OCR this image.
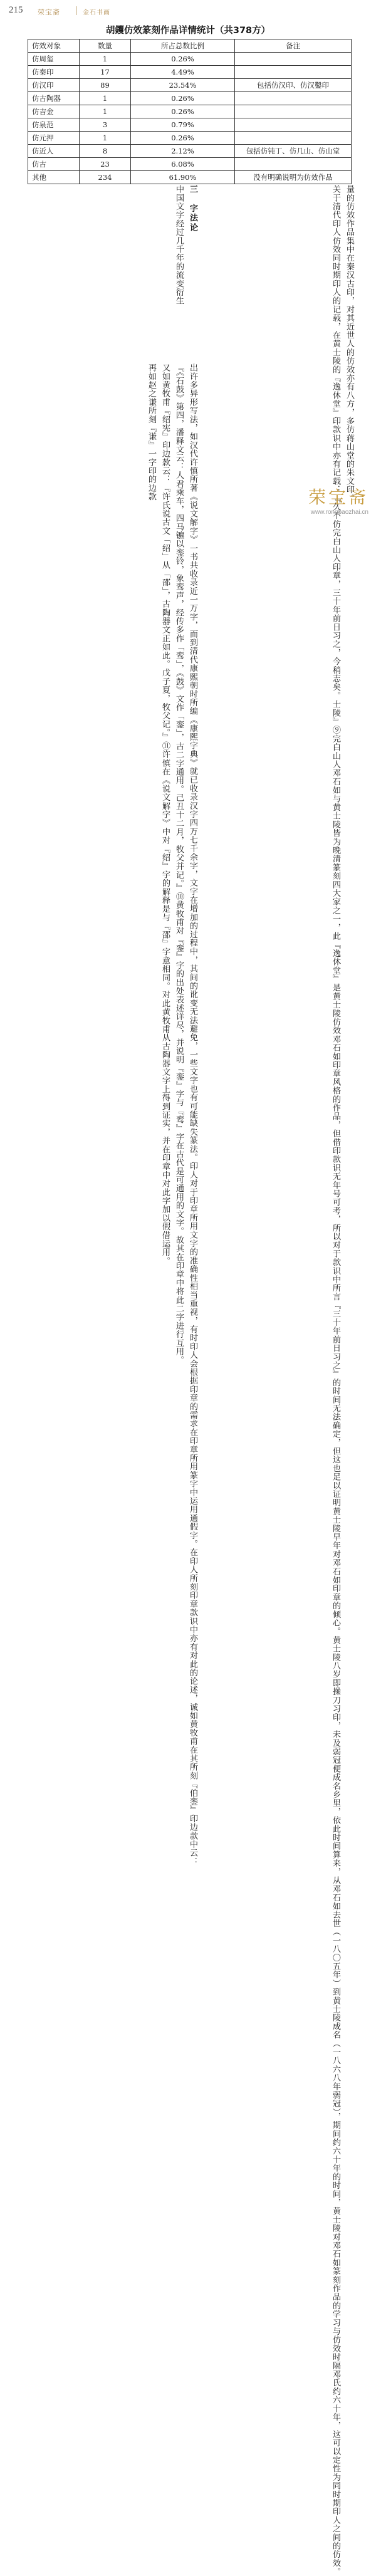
215 荣宝斋	金石书画
胡钁仿效篆刻作品详情统计（共378方）
仿效对象	数量	所占总数比例	备注
仿周玺	1	0.26%	
仿秦印	17	4.49%	
仿汉印	89	23.54%	包括仿汉印、仿汉鑿印
仿古陶器	1	0.26%	
仿吉金	1	0.26%	
仿泉范	3	0.79%	
仿元押	1	0.26%	
仿近人	8	2.12%	包括仿钝丁、仿几山、仿山堂
仿古	23	6.08%	
其他	234	61.90%	没有明确说明为仿效作品

量的仿效作品集中在秦汉古印，对其近世人的仿效亦有八方，多仿蒋山堂的朱文印。

关于清代印人仿效同时期印人的记载，在黄士陵的『逸休堂』印款识中亦有记载：『久不仿完白山人印章，三十年前日习之，今稍志矣。士陵』⑨完白山人邓石如与黄士陵皆为晚清篆刻四大家之一，此『逸休堂』是黄士陵仿效邓石如印章风格的作品，但借印款识无年号可考，所以对于款识中所言『三十年前日习之』的时间无法确定，但这也足以证明黄士陵早年对邓石如印章的倾心。黄士陵八岁即操刀习印，未及弱冠便成名乡里，依此时间算来，从邓石如去世（一八〇五年）到黄士陵成名（一八六八年弱冠），期间约六十年的时间，黄士陵对邓石如篆刻作品的学习与仿效时隔邓氏约六十年，这可以定性为同时期印人之间的仿效。

三　字法论

中国文字经过几千年的流变衍生

出许多异形写法，如汉代许慎所著《说文解字》一书共收录近一万字，而到清代康熙朝时所编《康熙字典》就已收录汉字四万七千余字，文字在增加的过程中，其间的讹变无法避免，一些文字也有可能缺失篆法。印人对于印章所用文字的准确性相当重视，有时印人会根据印章的需求在印章所用篆字中运用通假字。在印人所刻印章款识中亦有对此的论述，诚如黄牧甫在其所刻『伯銮』印边款中云：

『《石鼓》第四，潘释文云：人君乘车，四马镳以銮铃，象鸾声，经传多作「鸾」，《鼓》文作「銮」，古二字通用。己丑十二月，牧父并记。』⑩黄牧甫对『銮』字的出处表述详尽，并说明『銮』字与『鸾』字在古代是可通用的文字。故其在印章中将此二字进行互用。

又如黄牧甫『绍宪』印边款云：『许氏说古文「绍」从「邵」，古陶器文正如此。戊子夏，牧父记。』⑪许慎在《说文解字》中对『绍』字的解释是与『邵』字意相同。对此黄牧甫从古陶器文字上得到证实，并在印章中对此字加以假借运用。

再如赵之谦所刻『谦』一字印的边款	荣宝斋
www.rongbaozhai.cn
